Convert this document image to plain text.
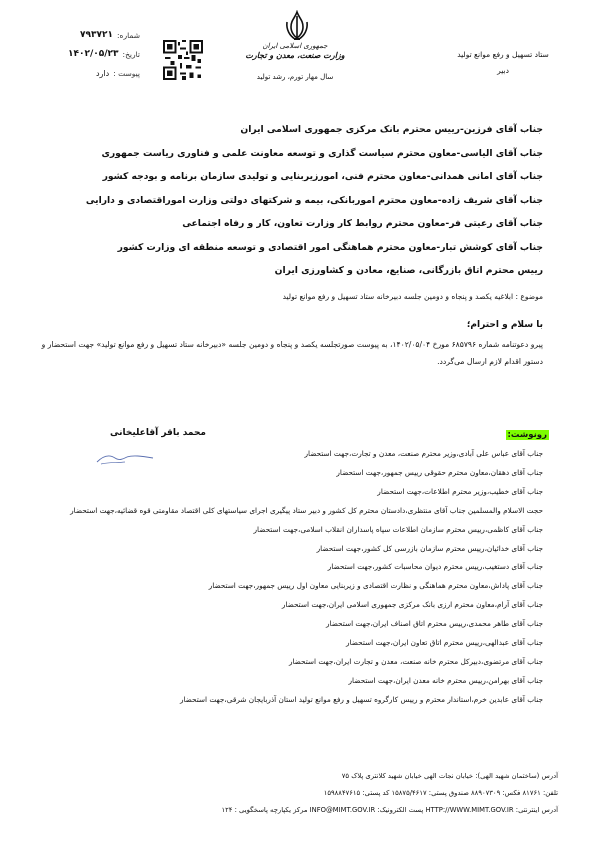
ستاد تسهیل و رفع موانع تولید
دبیر
جمهوری اسلامی ایران
وزارت صنعت، معدن و تجارت
سال مهار تورم، رشد تولید
شماره:
۷۹۳۷۲۱
تاریخ:
۱۴۰۲/۰۵/۲۳
پیوست :
دارد
جناب آقای فرزین-رییس محترم بانک مرکزی جمهوری اسلامی ایران
جناب آقای الیاسی-معاون محترم سیاست گذاری و توسعه معاونت علمی و فناوری ریاست جمهوری
جناب آقای امانی همدانی-معاون محترم فنی، امورزیربنایی و تولیدی سازمان برنامه و بودجه کشور
جناب آقای شریف زاده-معاون محترم اموربانکی، بیمه و شرکتهای دولتی وزارت اموراقتصادی و دارایی
جناب آقای رعیتی فر-معاون محترم روابط کار وزارت تعاون، کار و رفاه اجتماعی
جناب آقای کوشش تبار-معاون محترم هماهنگی امور اقتصادی و توسعه منطقه ای وزارت کشور
رییس محترم اتاق بازرگانی، صنایع، معادن و کشاورزی ایران
موضوع : ابلاغیه یکصد و پنجاه و دومین جلسه دبیرخانه ستاد تسهیل و رفع موانع تولید
با سلام و احترام؛
پیرو دعوتنامه شماره ۶۸۵۷۹۶ مورخ ۱۴۰۲/۰۵/۰۴، به پیوست صورتجلسه یکصد و پنجاه و دومین جلسه «دبیرخانه ستاد تسهیل و رفع موانع تولید» جهت استحضار و دستور اقدام لازم ارسال می‌گردد.
محمد باقر آقاعلیخانی	رونوشت:
جناب آقای عباس علی آبادی،وزیر محترم صنعت، معدن و تجارت،جهت استحضار
جناب آقای دهقان،معاون محترم حقوقی رییس جمهور،جهت استحضار
جناب آقای خطیب،وزیر محترم اطلاعات،جهت استحضار
حجت الاسلام والمسلمین جناب آقای منتظری،دادستان محترم کل کشور و دبیر ستاد پیگیری اجرای سیاستهای کلی اقتصاد مقاومتی قوه قضائیه،جهت استحضار
جناب آقای کاظمی،رییس محترم سازمان اطلاعات سپاه پاسداران انقلاب اسلامی،جهت استحضار
جناب آقای خدائیان،رییس محترم سازمان بازرسی کل کشور،جهت استحضار
جناب آقای دستغیب،رییس محترم دیوان محاسبات کشور،جهت استحضار
جناب آقای پاداش،معاون محترم هماهنگی و نظارت اقتصادی و زیربنایی معاون اول رییس جمهور،جهت استحضار
جناب آقای آرام،معاون محترم ارزی بانک مرکزی جمهوری اسلامی ایران،جهت استحضار
جناب آقای طاهر محمدی،رییس محترم اتاق اصناف ایران،جهت استحضار
جناب آقای عبدالهی،رییس محترم اتاق تعاون ایران،جهت استحضار
جناب آقای مرتضوی،دبیرکل محترم خانه صنعت، معدن و تجارت ایران،جهت استحضار
جناب آقای بهرامن،رییس محترم خانه معدن ایران،جهت استحضار
جناب آقای عابدین خرم،استاندار محترم و رییس کارگروه تسهیل و رفع موانع تولید استان آذربایجان شرقی،جهت استحضار
آدرس (ساختمان شهید الهی): خیابان نجات الهی خیابان شهید کلانتری پلاک ۷۵
تلفن: ۸۱۷۶۱ فکس: ۸۸۹۰۷۳۰۹ صندوق پستی: ۱۵۸۷۵/۴۶۱۷ کد پستی: ۱۵۹۸۸۴۷۶۱۵
آدرس اینترنتی: HTTP://WWW.MIMT.GOV.IR پست الکترونیک: INFO@MIMT.GOV.IR مرکز یکپارچه پاسخگویی : ۱۲۴
